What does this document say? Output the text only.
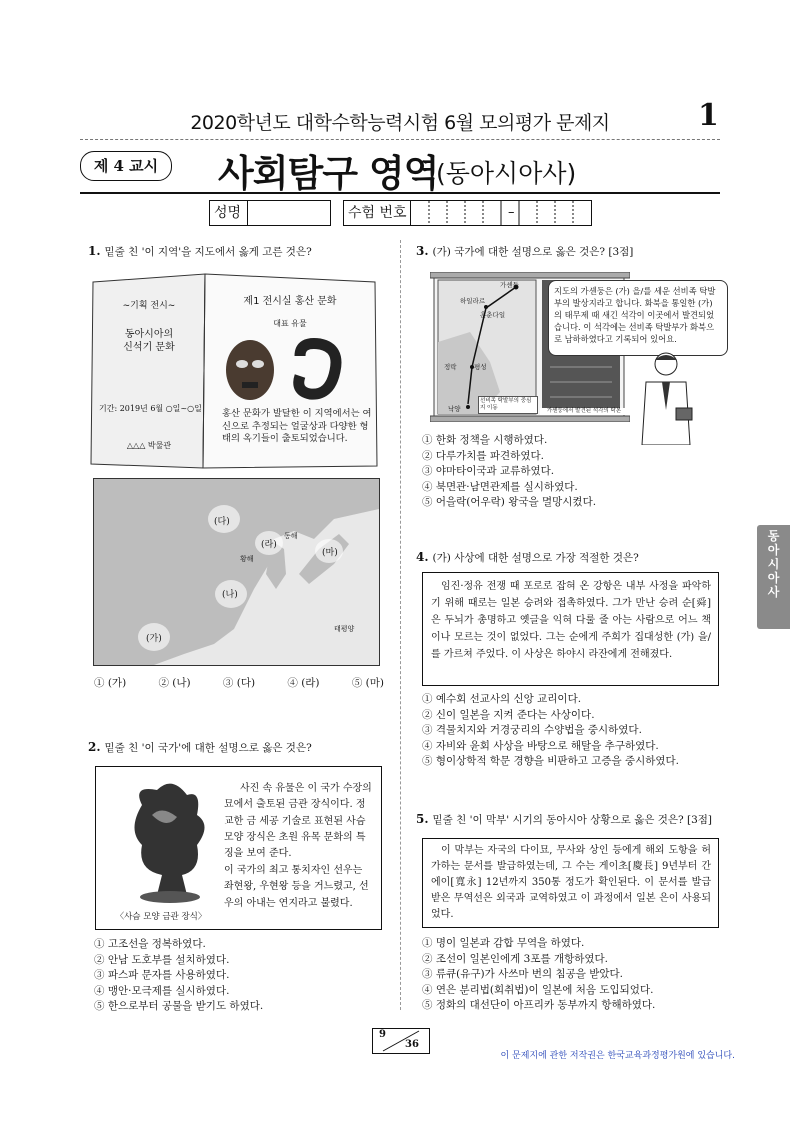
2020학년도 대학수학능력시험 6월 모의평가 문제지	1
제 4 교시	사회탐구 영역
(동아시아사)
성명	수험 번호	–
1. 밑줄 친 '이 지역'을 지도에서 옳게 고른 것은?
~기획 전시~
동아시아의
신석기 문화
기간: 2019년 6월 ○일~○일
△△△ 박물관
제1 전시실 홍산 문화
대표 유물
홍산 문화가 발달한 이 지역에서는 여신으로 추정되는 얼굴상과 다양한 형태의 옥기들이 출토되었습니다.
(다)
(라)
(마)
(나)
(가)
동해
황해
태평양
① (가)	② (나)	③ (다)	④ (라)	⑤ (마)
2. 밑줄 친 '이 국가'에 대한 설명으로 옳은 것은?
사진 속 유물은 이 국가 수장의 묘에서 출토된 금관 장식이다. 정교한 금 세공 기술로 표현된 사슴 모양 장식은 초원 유목 문화의 특징을 보여 준다.
이 국가의 최고 통치자인 선우는 좌현왕, 우현왕 등을 거느렸고, 선우의 아내는 연지라고 불렸다.
〈사슴 모양 금관 장식〉
① 고조선을 정복하였다.
② 안남 도호부를 설치하였다.
③ 파스파 문자를 사용하였다.
④ 맹안·모극제를 실시하였다.
⑤ 한으로부터 공물을 받기도 하였다.
3. (가) 국가에 대한 설명으로 옳은 것은? [3점]
가셴둥
하일라르
훈춘다일
정락	평성
낙양
선비족 탁발부의 중심지 이동	가셴둥에서 발견된 석각의 탁본
지도의 가셴둥은 (가) 을/를 세운 선비족 탁발부의 발상지라고 합니다. 화북을 통일한 (가) 의 태무제 때 새긴 석각이 이곳에서 발견되었습니다. 이 석각에는 선비족 탁발부가 화북으로 남하하였다고 기록되어 있어요.
① 한화 정책을 시행하였다.
② 다루가치를 파견하였다.
③ 야마타이국과 교류하였다.
④ 북면관·남면관제를 실시하였다.
⑤ 어을락(어우락) 왕국을 멸망시켰다.
4. (가) 사상에 대한 설명으로 가장 적절한 것은?
임진·정유 전쟁 때 포로로 잡혀 온 강항은 내부 사정을 파악하기 위해 때로는 일본 승려와 접촉하였다. 그가 만난 승려 순[舜]은 두뇌가 총명하고 옛글을 익혀 다룰 줄 아는 사람으로 어느 책이나 모르는 것이 없었다. 그는 순에게 주희가 집대성한 (가) 을/를 가르쳐 주었다. 이 사상은 하야시 라잔에게 전해졌다.
① 예수회 선교사의 신앙 교리이다.
② 신이 일본을 지켜 준다는 사상이다.
③ 격물치지와 거경궁리의 수양법을 중시하였다.
④ 자비와 윤회 사상을 바탕으로 해탈을 추구하였다.
⑤ 형이상학적 학문 경향을 비판하고 고증을 중시하였다.
5. 밑줄 친 '이 막부' 시기의 동아시아 상황으로 옳은 것은? [3점]
이 막부는 자국의 다이묘, 무사와 상인 등에게 해외 도항을 허가하는 문서를 발급하였는데, 그 수는 게이초[慶長] 9년부터 간에이[寬永] 12년까지 350통 정도가 확인된다. 이 문서를 발급 받은 무역선은 외국과 교역하였고 이 과정에서 일본 은이 사용되었다.
① 명이 일본과 감합 무역을 하였다.
② 조선이 일본인에게 3포를 개항하였다.
③ 류큐(유구)가 사쓰마 번의 침공을 받았다.
④ 연은 분리법(회취법)이 일본에 처음 도입되었다.
⑤ 정화의 대선단이 아프리카 동부까지 항해하였다.
동
아
시
아
사
9
36
이 문제지에 관한 저작권은 한국교육과정평가원에 있습니다.
